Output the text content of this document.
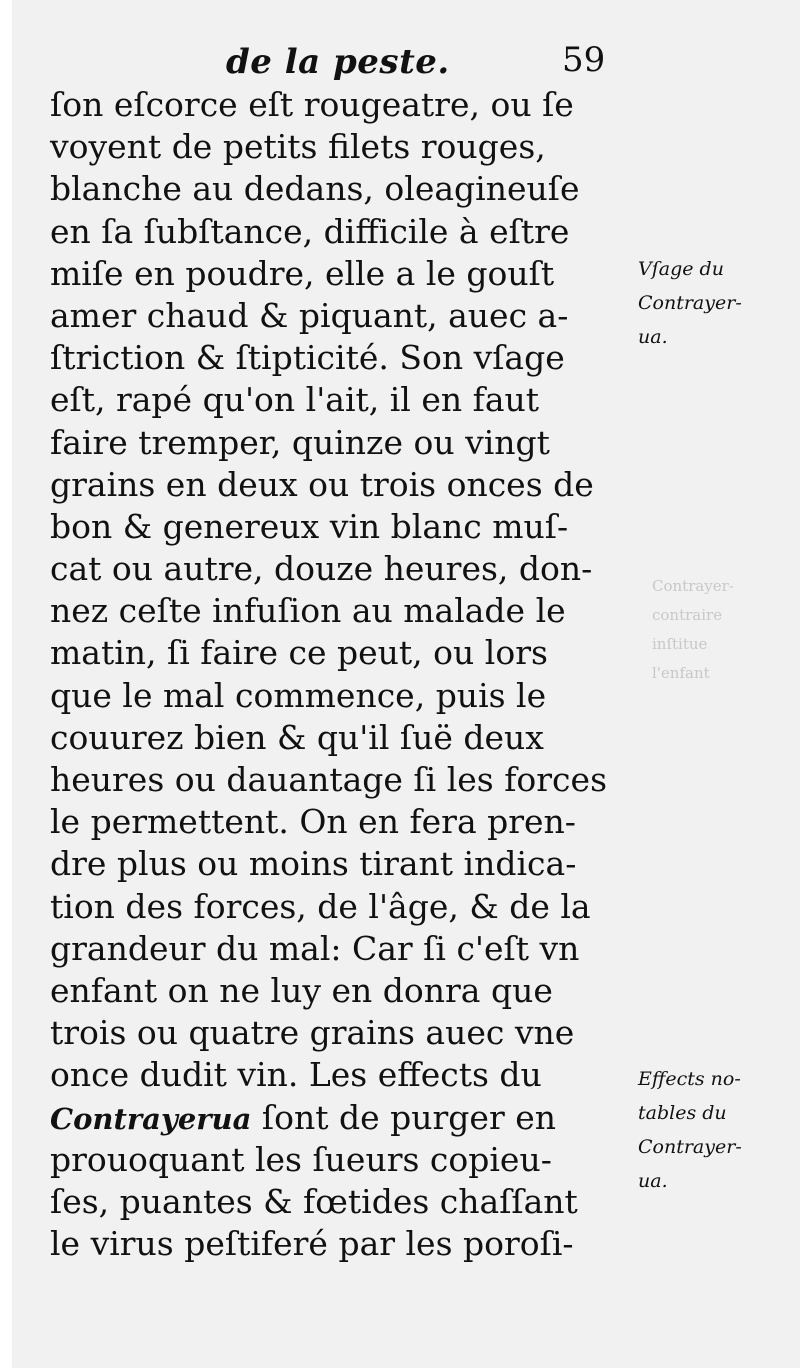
de la peste.	59
Contrayer-
contraire
inſtitue
l'enfant
ſon eſcorce eſt rougeatre, ou ſe
voyent de petits filets rouges,
blanche au dedans, oleagineuſe
en ſa ſubſtance, difficile à eſtre
miſe en poudre, elle a le gouſt
amer chaud & piquant, auec a-
ſtriction & ſtipticité. Son vſage
eſt, rapé qu'on l'ait, il en faut
faire tremper, quinze ou vingt
grains en deux ou trois onces de
bon & genereux vin blanc muſ-
cat ou autre, douze heures, don-
nez ceſte infuſion au malade le
matin, ſi faire ce peut, ou lors
que le mal commence, puis le
couurez bien & qu'il ſuë deux
heures ou dauantage ſi les forces
le permettent. On en fera pren-
dre plus ou moins tirant indica-
tion des forces, de l'âge, & de la
grandeur du mal: Car ſi c'eſt vn
enfant on ne luy en donra que
trois ou quatre grains auec vne
once dudit vin. Les effects du
Contrayerua ſont de purger en
prouoquant les ſueurs copieu-
ſes, puantes & fœtides chaſſant
le virus peſtiferé par les poroſi-
Vſage du
Contrayer-
ua.
Effects no-
tables du
Contrayer-
ua.
